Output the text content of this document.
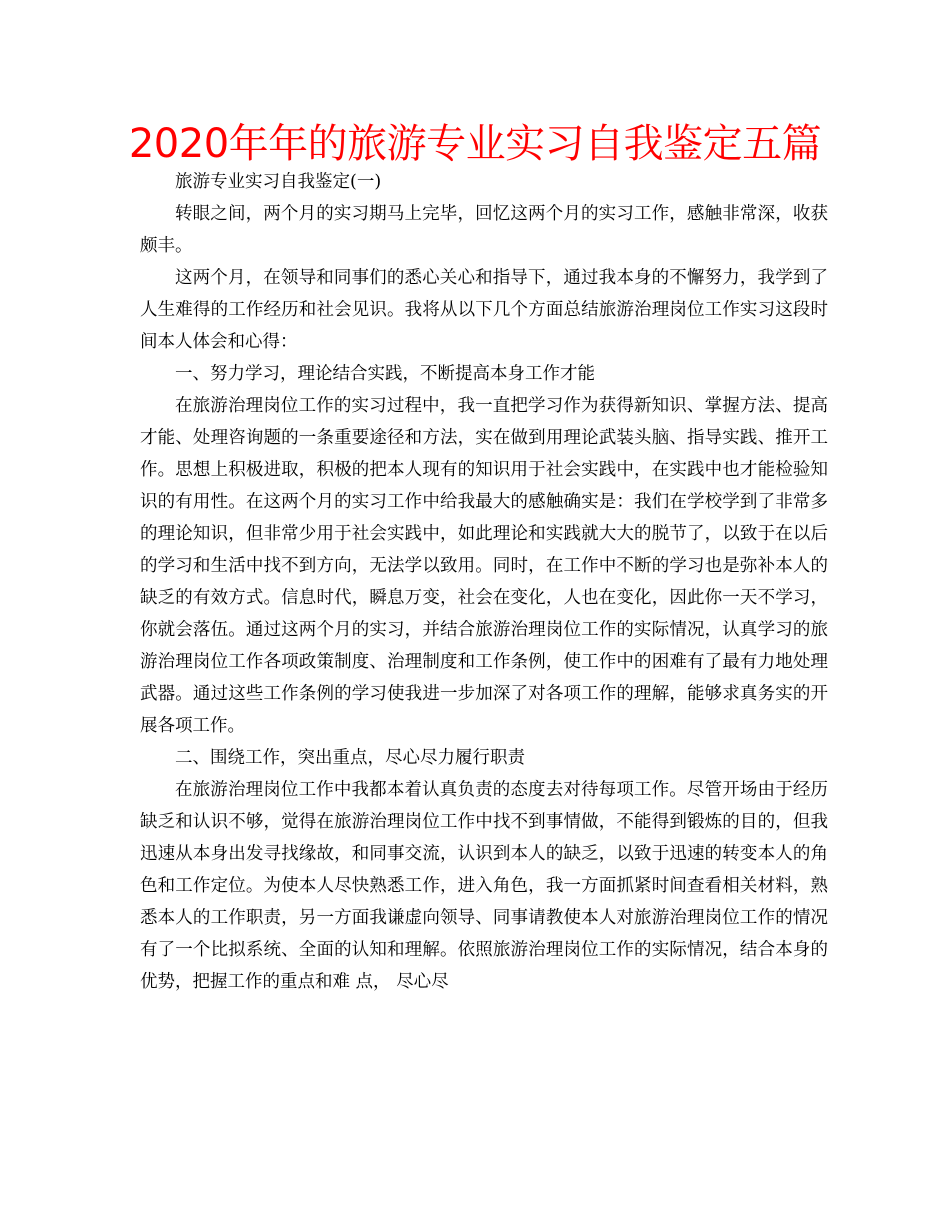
2020年年的旅游专业实习自我鉴定五篇

旅游专业实习自我鉴定(一)

转眼之间，两个月的实习期马上完毕，回忆这两个月的实习工作，感触非常深，收获颇丰。

这两个月，在领导和同事们的悉心关心和指导下，通过我本身的不懈努力，我学到了人生难得的工作经历和社会见识。我将从以下几个方面总结旅游治理岗位工作实习这段时间本人体会和心得：

一、努力学习，理论结合实践，不断提高本身工作才能

在旅游治理岗位工作的实习过程中，我一直把学习作为获得新知识、掌握方法、提高才能、处理咨询题的一条重要途径和方法，实在做到用理论武装头脑、指导实践、推开工作。思想上积极进取，积极的把本人现有的知识用于社会实践中，在实践中也才能检验知识的有用性。在这两个月的实习工作中给我最大的感触确实是：我们在学校学到了非常多的理论知识，但非常少用于社会实践中，如此理论和实践就大大的脱节了，以致于在以后的学习和生活中找不到方向，无法学以致用。同时，在工作中不断的学习也是弥补本人的缺乏的有效方式。信息时代，瞬息万变，社会在变化，人也在变化，因此你一天不学习，你就会落伍。通过这两个月的实习，并结合旅游治理岗位工作的实际情况，认真学习的旅游治理岗位工作各项政策制度、治理制度和工作条例，使工作中的困难有了最有力地处理武器。通过这些工作条例的学习使我进一步加深了对各项工作的理解，能够求真务实的开展各项工作。

二、围绕工作，突出重点，尽心尽力履行职责

在旅游治理岗位工作中我都本着认真负责的态度去对待每项工作。尽管开场由于经历缺乏和认识不够，觉得在旅游治理岗位工作中找不到事情做，不能得到锻炼的目的，但我迅速从本身出发寻找缘故，和同事交流，认识到本人的缺乏，以致于迅速的转变本人的角色和工作定位。为使本人尽快熟悉工作，进入角色，我一方面抓紧时间查看相关材料，熟悉本人的工作职责，另一方面我谦虚向领导、同事请教使本人对旅游治理岗位工作的情况有了一个比拟系统、全面的认知和理解。依照旅游治理岗位工作的实际情况，结合本身的优势，把握工作的重点和难 点， 尽心尽
